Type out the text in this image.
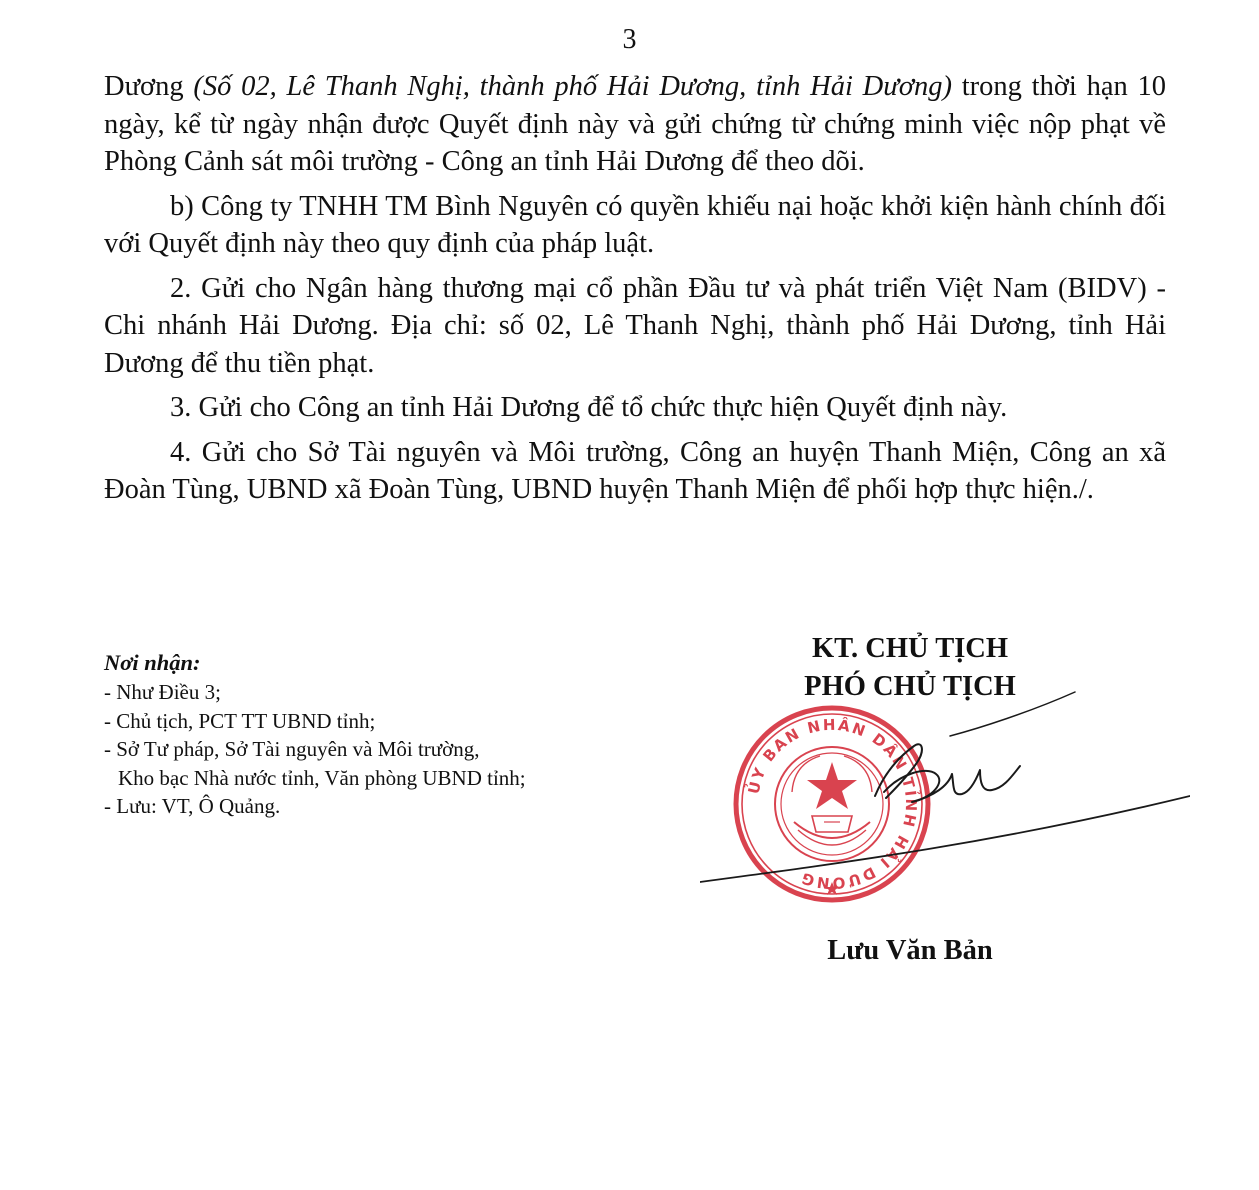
3

Dương (Số 02, Lê Thanh Nghị, thành phố Hải Dương, tỉnh Hải Dương) trong thời hạn 10 ngày, kể từ ngày nhận được Quyết định này và gửi chứng từ chứng minh việc nộp phạt về Phòng Cảnh sát môi trường - Công an tỉnh Hải Dương để theo dõi.

b) Công ty TNHH TM Bình Nguyên có quyền khiếu nại hoặc khởi kiện hành chính đối với Quyết định này theo quy định của pháp luật.

2. Gửi cho Ngân hàng thương mại cổ phần Đầu tư và phát triển Việt Nam (BIDV) - Chi nhánh Hải Dương. Địa chỉ: số 02, Lê Thanh Nghị, thành phố Hải Dương, tỉnh Hải Dương để thu tiền phạt.

3. Gửi cho Công an tỉnh Hải Dương để tổ chức thực hiện Quyết định này.

4. Gửi cho Sở Tài nguyên và Môi trường, Công an huyện Thanh Miện, Công an xã Đoàn Tùng, UBND xã Đoàn Tùng, UBND huyện Thanh Miện để phối hợp thực hiện./.

Nơi nhận:
- Như Điều 3;
- Chủ tịch, PCT TT UBND tỉnh;
- Sở Tư pháp, Sở Tài nguyên và Môi trường,
Kho bạc Nhà nước tỉnh, Văn phòng UBND tỉnh;
- Lưu: VT, Ô Quảng.
KT. CHỦ TỊCH
PHÓ CHỦ TỊCH
ỦY BAN NHÂN DÂN TỈNH HẢI DƯƠNG
Lưu Văn Bản
